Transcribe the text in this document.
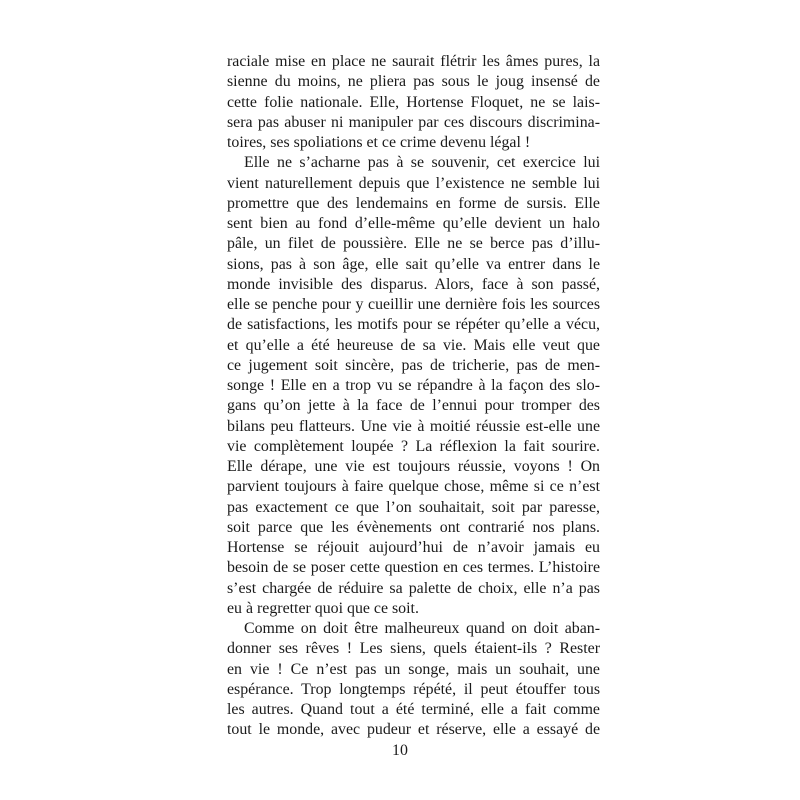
raciale mise en place ne saurait flétrir les âmes pures, la
sienne du moins, ne pliera pas sous le joug insensé de
cette folie nationale. Elle, Hortense Floquet, ne se lais-
sera pas abuser ni manipuler par ces discours discrimina-
toires, ses spoliations et ce crime devenu légal !
Elle ne s’acharne pas à se souvenir, cet exercice lui
vient naturellement depuis que l’existence ne semble lui
promettre que des lendemains en forme de sursis. Elle
sent bien au fond d’elle-même qu’elle devient un halo
pâle, un filet de poussière. Elle ne se berce pas d’illu-
sions, pas à son âge, elle sait qu’elle va entrer dans le
monde invisible des disparus. Alors, face à son passé,
elle se penche pour y cueillir une dernière fois les sources
de satisfactions, les motifs pour se répéter qu’elle a vécu,
et qu’elle a été heureuse de sa vie. Mais elle veut que
ce jugement soit sincère, pas de tricherie, pas de men-
songe ! Elle en a trop vu se répandre à la façon des slo-
gans qu’on jette à la face de l’ennui pour tromper des
bilans peu flatteurs. Une vie à moitié réussie est-elle une
vie complètement loupée ? La réflexion la fait sourire.
Elle dérape, une vie est toujours réussie, voyons ! On
parvient toujours à faire quelque chose, même si ce n’est
pas exactement ce que l’on souhaitait, soit par paresse,
soit parce que les évènements ont contrarié nos plans.
Hortense se réjouit aujourd’hui de n’avoir jamais eu
besoin de se poser cette question en ces termes. L’histoire
s’est chargée de réduire sa palette de choix, elle n’a pas
eu à regretter quoi que ce soit.
Comme on doit être malheureux quand on doit aban-
donner ses rêves ! Les siens, quels étaient-ils ? Rester
en vie ! Ce n’est pas un songe, mais un souhait, une
espérance. Trop longtemps répété, il peut étouffer tous
les autres. Quand tout a été terminé, elle a fait comme
tout le monde, avec pudeur et réserve, elle a essayé de
10
